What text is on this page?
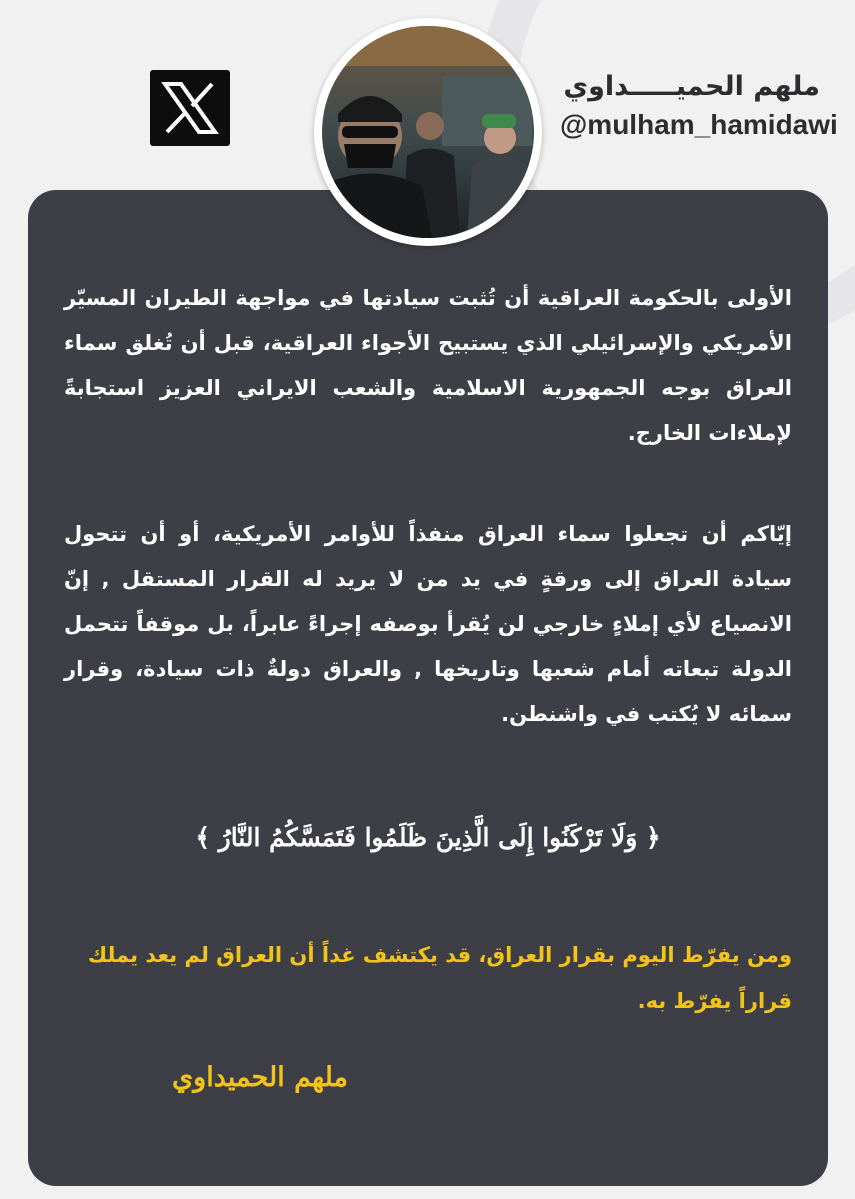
ملهم الحميـــــداوي
@mulham_hamidawi

الأولى بالحكومة العراقية أن تُثبت سيادتها في مواجهة الطيران المسيّر الأمريكي والإسرائيلي الذي يستبيح الأجواء العراقية، قبل أن تُغلق سماء العراق بوجه الجمهورية الاسلامية والشعب الايراني العزيز استجابةً لإملاءات الخارج.

إيّاكم أن تجعلوا سماء العراق منفذاً للأوامر الأمريكية، أو أن تتحول سيادة العراق إلى ورقةٍ في يد من لا يريد له القرار المستقل , إنّ الانصياع لأي إملاءٍ خارجي لن يُقرأ بوصفه إجراءً عابراً، بل موقفاً تتحمل الدولة تبعاته أمام شعبها وتاريخها , والعراق دولةٌ ذات سيادة، وقرار سمائه لا يُكتب في واشنطن.

﴿ وَلَا تَرْكَنُوا إِلَى الَّذِينَ ظَلَمُوا فَتَمَسَّكُمُ النَّارُ ﴾
ومن يفرّط اليوم بقرار العراق، قد يكتشف غداً أن العراق لم يعد يملك قراراً يفرّط به.
ملهم الحميداوي
